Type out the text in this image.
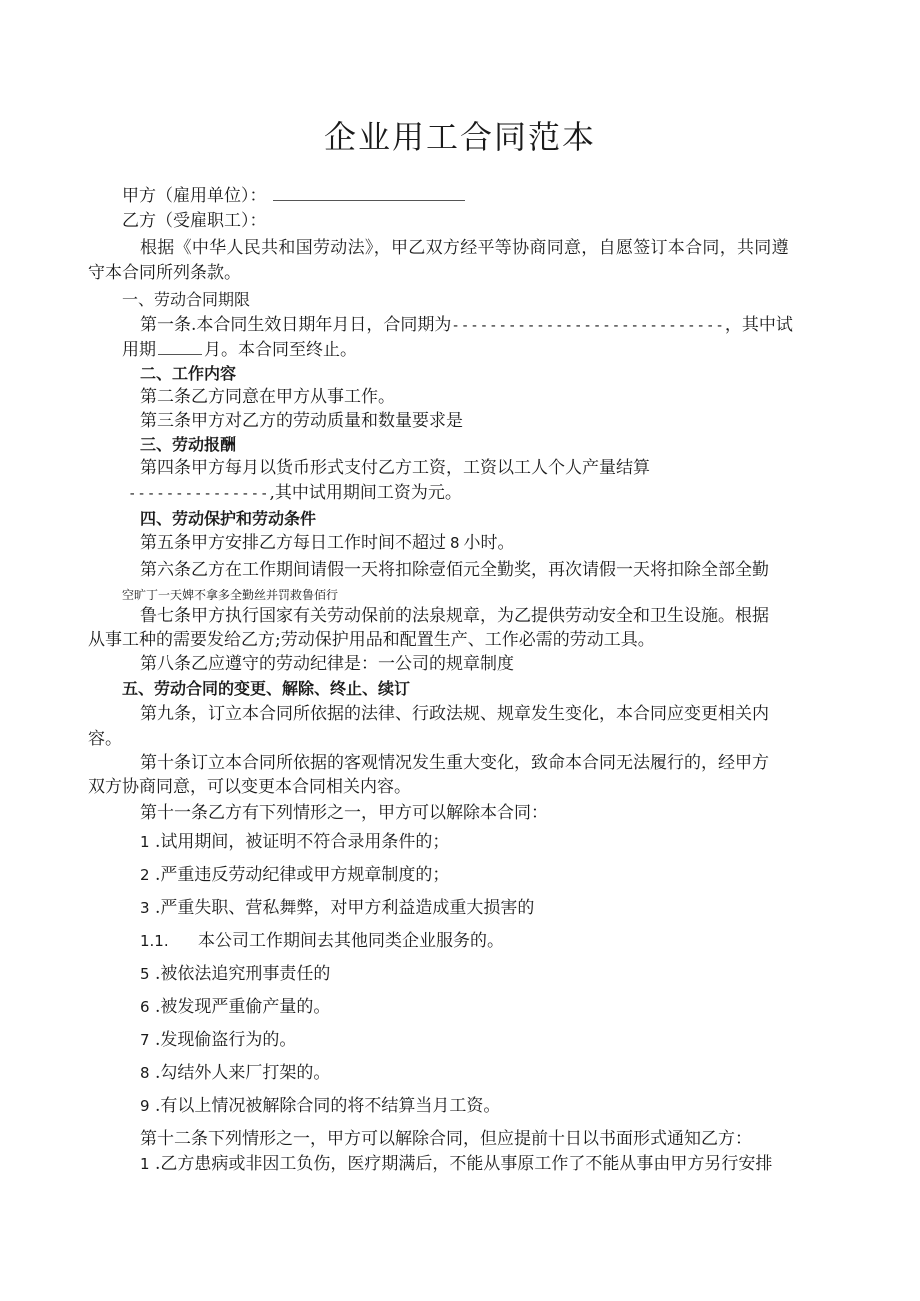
企业用工合同范本
甲方（雇用单位）：
乙方（受雇职工）：
根据《中华人民共和国劳动法》，甲乙双方经平等协商同意，自愿签订本合同，共同遵
守本合同所列条款。
一、劳动合同期限
第一条.本合同生效日期年月日，合同期为-----------------------------，其中试
用期	月。本合同至终止。
二、工作内容
第二条乙方同意在甲方从事工作。
第三条甲方对乙方的劳动质量和数量要求是
三、劳动报酬
第四条甲方每月以货币形式支付乙方工资，工资以工人个人产量结算
---------------,其中试用期间工资为元。
四、劳动保护和劳动条件
第五条甲方安排乙方每日工作时间不超过 8 小时。
第六条乙方在工作期间请假一天将扣除壹佰元全勤奖，再次请假一天将扣除全部全勤
空旷丁一天婢不拿多全勤丝并罚救鲁佰行
鲁七条甲方执行国家有关劳动保前的法泉规章，为乙提供劳动安全和卫生设施。根据
从事工种的需要发给乙方;劳动保护用品和配置生产、工作必需的劳动工具。
第八条乙应遵守的劳动纪律是：一公司的规章制度
五、劳动合同的变更、解除、终止、续订
第九条，订立本合同所依据的法律、行政法规、规章发生变化，本合同应变更相关内
容。
第十条订立本合同所依据的客观情况发生重大变化，致命本合同无法履行的，经甲方
双方协商同意，可以变更本合同相关内容。
第十一条乙方有下列情形之一，甲方可以解除本合同：
1 .试用期间，被证明不符合录用条件的；
2 .严重违反劳动纪律或甲方规章制度的；
3 .严重失职、营私舞弊，对甲方利益造成重大损害的
1.1. 本公司工作期间去其他同类企业服务的。
5 .被依法追究刑事责任的
6 .被发现严重偷产量的。
7 .发现偷盗行为的。
8 .勾结外人来厂打架的。
9 .有以上情况被解除合同的将不结算当月工资。
第十二条下列情形之一，甲方可以解除合同，但应提前十日以书面形式通知乙方：
1 .乙方患病或非因工负伤，医疗期满后，不能从事原工作了不能从事由甲方另行安排
